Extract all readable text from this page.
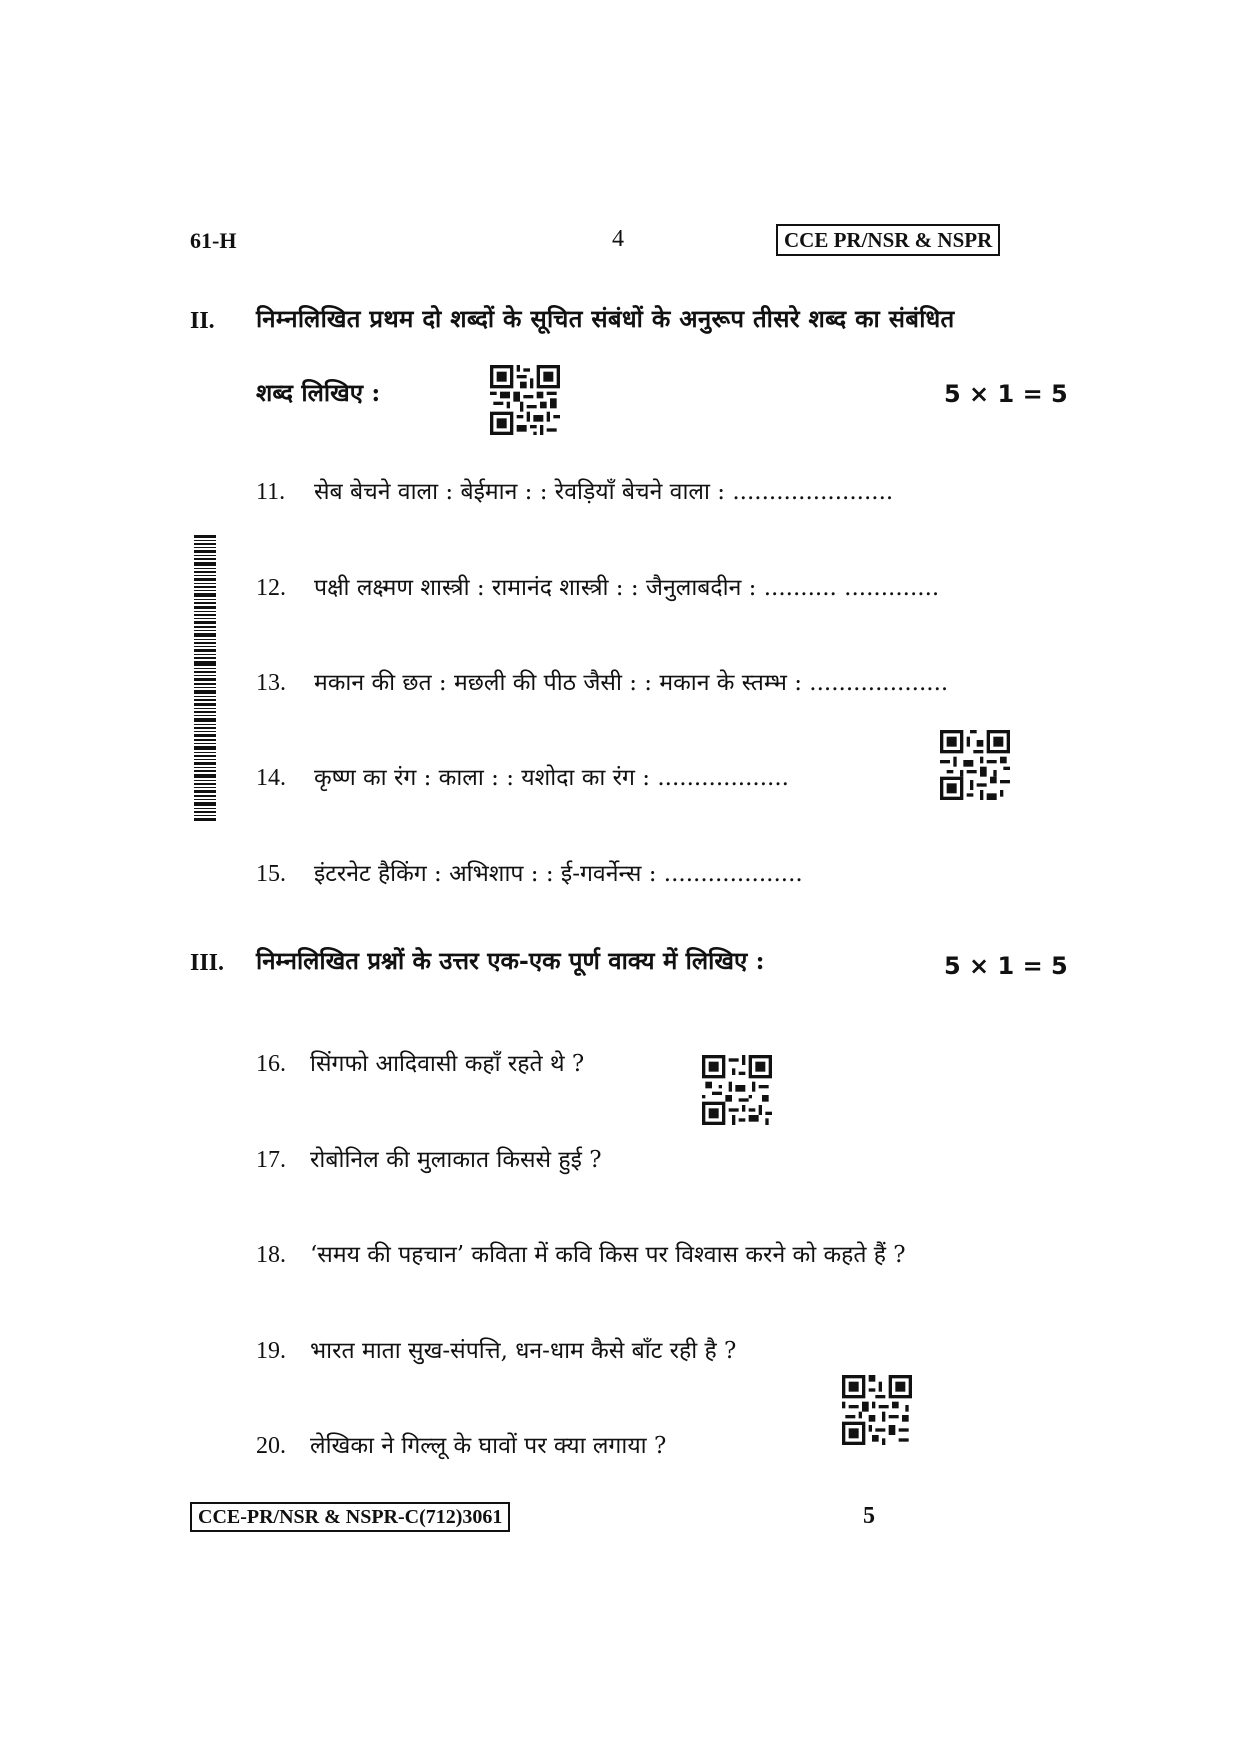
61-H	4	CCE PR/NSR & NSPR
II. निम्नलिखित प्रथम दो शब्दों के सूचित संबंधों के अनुरूप तीसरे शब्द का संबंधित
शब्द लिखिए :	5 × 1 = 5
11. सेब बेचने वाला : बेईमान : : रेवड़ियाँ बेचने वाला : ......................
12. पक्षी लक्ष्मण शास्त्री : रामानंद शास्त्री : : जैनुलाबदीन : .......... .............
13. मकान की छत : मछली की पीठ जैसी : : मकान के स्तम्भ : ...................
14. कृष्ण का रंग : काला : : यशोदा का रंग : ..................
15. इंटरनेट हैकिंग : अभिशाप : : ई-गवर्नेन्स : ...................
III. निम्नलिखित प्रश्नों के उत्तर एक-एक पूर्ण वाक्य में लिखिए :	5 × 1 = 5
16. सिंगफो आदिवासी कहाँ रहते थे ?
17. रोबोनिल की मुलाकात किससे हुई ?
18. ‘समय की पहचान’ कविता में कवि किस पर विश्वास करने को कहते हैं ?
19. भारत माता सुख-संपत्ति, धन-धाम कैसे बाँट रही है ?
20. लेखिका ने गिल्लू के घावों पर क्या लगाया ?
CCE-PR/NSR & NSPR-C(712)3061	5
